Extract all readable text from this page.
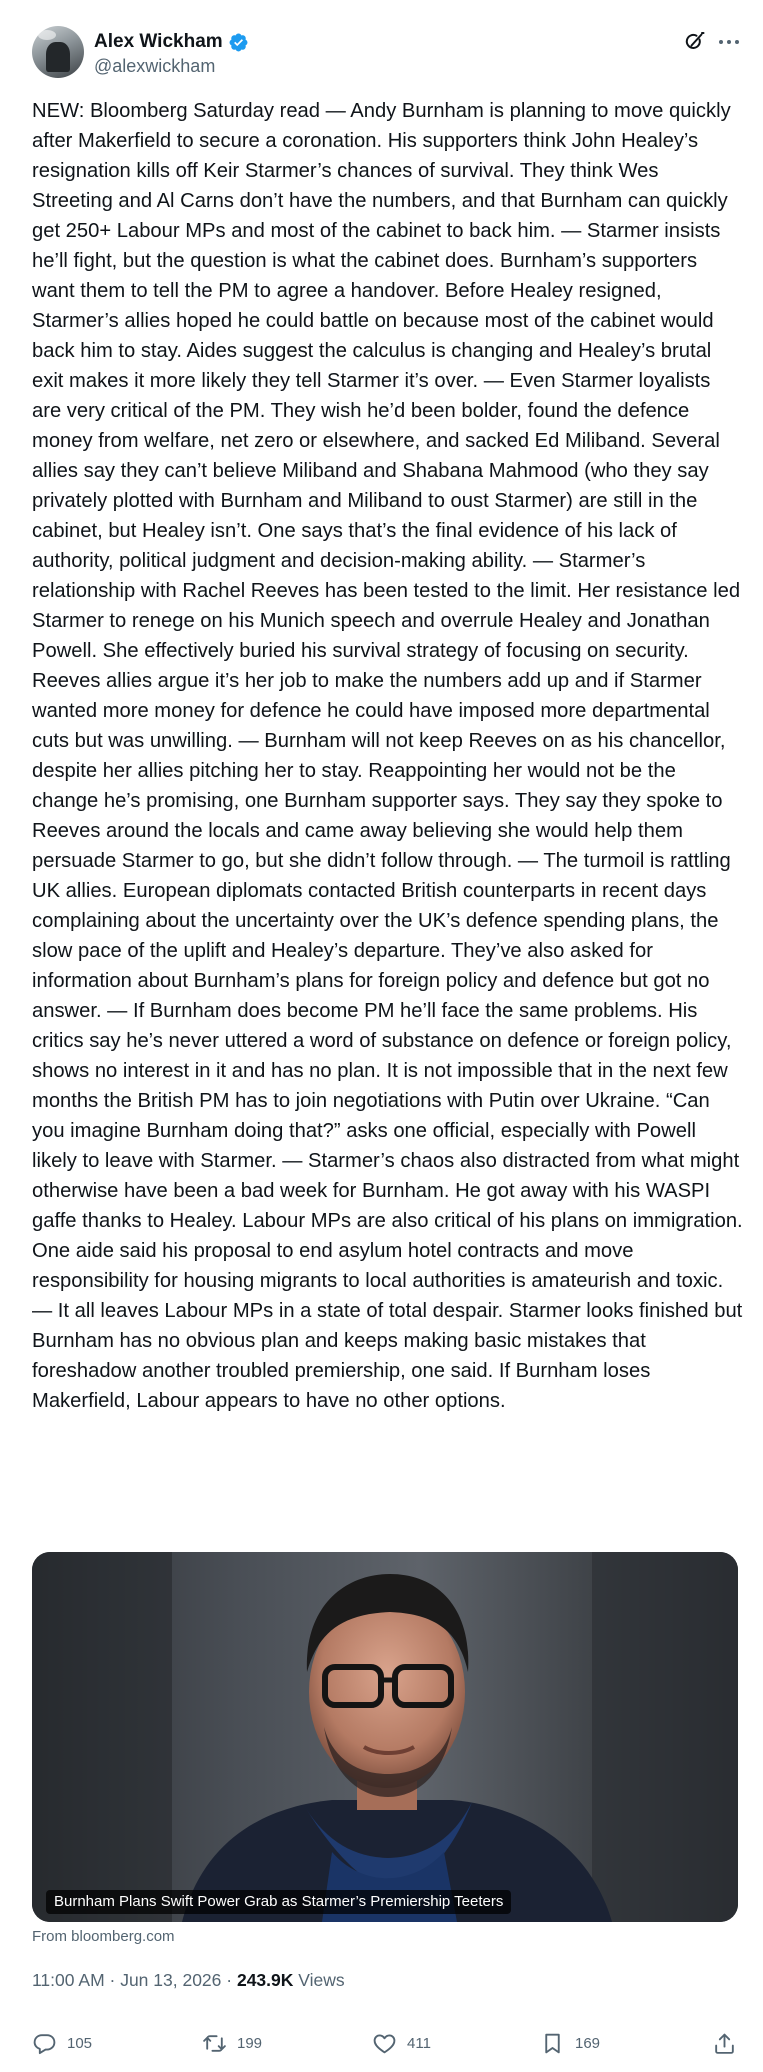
Alex Wickham
@alexwickham
NEW: Bloomberg Saturday read — Andy Burnham is planning to move quickly after Makerfield to secure a coronation. His supporters think John Healey’s resignation kills off Keir Starmer’s chances of survival. They think Wes Streeting and Al Carns don’t have the numbers, and that Burnham can quickly get 250+ Labour MPs and most of the cabinet to back him. — Starmer insists he’ll fight, but the question is what the cabinet does. Burnham’s supporters want them to tell the PM to agree a handover. Before Healey resigned, Starmer’s allies hoped he could battle on because most of the cabinet would back him to stay. Aides suggest the calculus is changing and Healey’s brutal exit makes it more likely they tell Starmer it’s over. — Even Starmer loyalists are very critical of the PM. They wish he’d been bolder, found the defence money from welfare, net zero or elsewhere, and sacked Ed Miliband. Several allies say they can’t believe Miliband and Shabana Mahmood (who they say privately plotted with Burnham and Miliband to oust Starmer) are still in the cabinet, but Healey isn’t. One says that’s the final evidence of his lack of authority, political judgment and decision-making ability. — Starmer’s relationship with Rachel Reeves has been tested to the limit. Her resistance led Starmer to renege on his Munich speech and overrule Healey and Jonathan Powell. She effectively buried his survival strategy of focusing on security. Reeves allies argue it’s her job to make the numbers add up and if Starmer wanted more money for defence he could have imposed more departmental cuts but was unwilling. — Burnham will not keep Reeves on as his chancellor, despite her allies pitching her to stay. Reappointing her would not be the change he’s promising, one Burnham supporter says. They say they spoke to Reeves around the locals and came away believing she would help them persuade Starmer to go, but she didn’t follow through. — The turmoil is rattling UK allies. European diplomats contacted British counterparts in recent days complaining about the uncertainty over the UK’s defence spending plans, the slow pace of the uplift and Healey’s departure. They’ve also asked for information about Burnham’s plans for foreign policy and defence but got no answer. — If Burnham does become PM he’ll face the same problems. His critics say he’s never uttered a word of substance on defence or foreign policy, shows no interest in it and has no plan. It is not impossible that in the next few months the British PM has to join negotiations with Putin over Ukraine. “Can you imagine Burnham doing that?” asks one official, especially with Powell likely to leave with Starmer. — Starmer’s chaos also distracted from what might otherwise have been a bad week for Burnham. He got away with his WASPI gaffe thanks to Healey. Labour MPs are also critical of his plans on immigration. One aide said his proposal to end asylum hotel contracts and move responsibility for housing migrants to local authorities is amateurish and toxic. — It all leaves Labour MPs in a state of total despair. Starmer looks finished but Burnham has no obvious plan and keeps making basic mistakes that foreshadow another troubled premiership, one said. If Burnham loses Makerfield, Labour appears to have no other options.
Burnham Plans Swift Power Grab as Starmer’s Premiership Teeters
From bloomberg.com
11:00 AM · Jun 13, 2026 · 243.9K Views
105	199	411	169
